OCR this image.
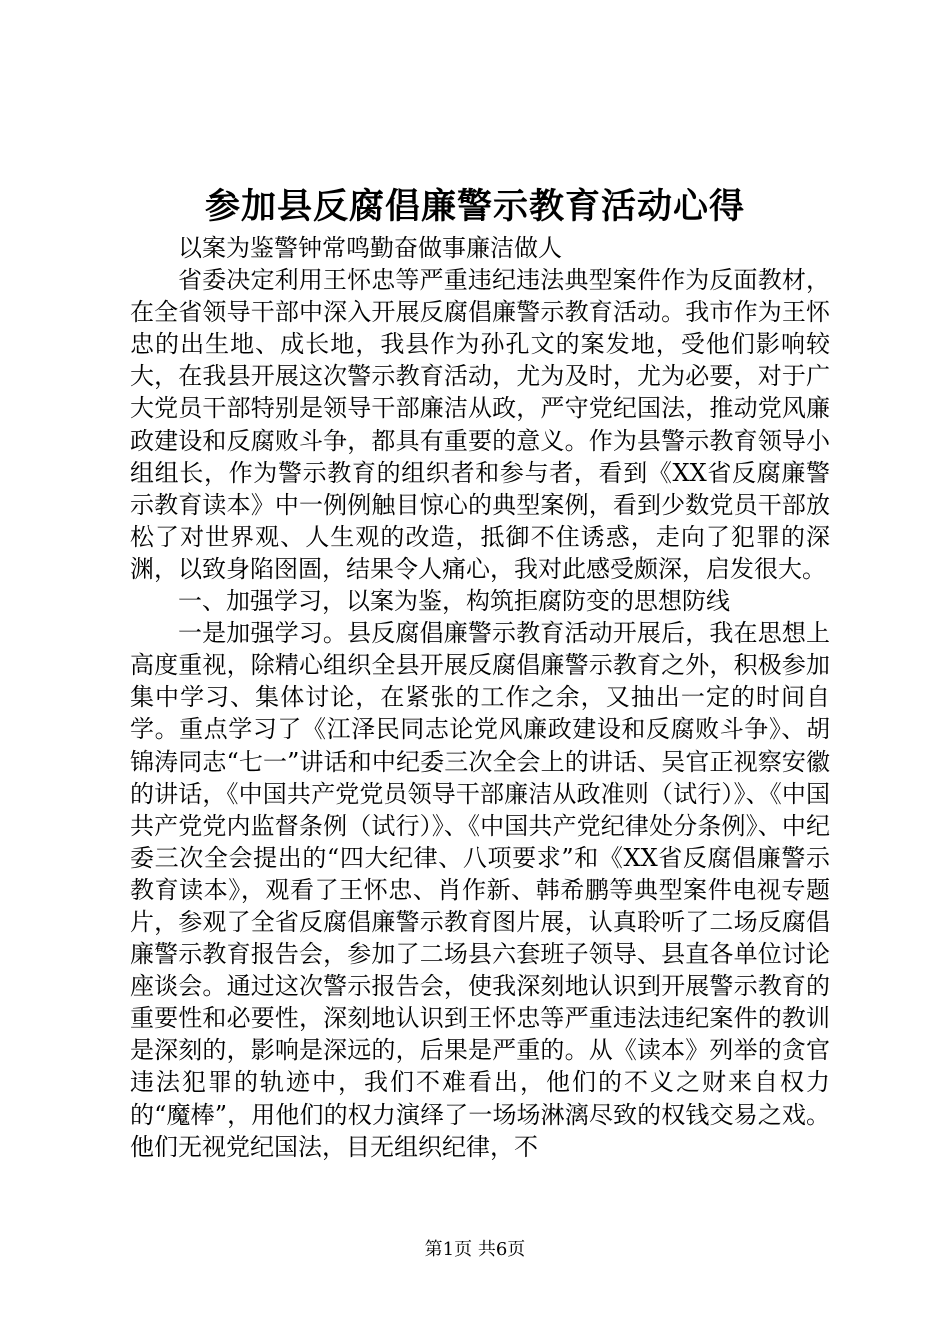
参加县反腐倡廉警示教育活动心得

以案为鉴警钟常鸣勤奋做事廉洁做人

省委决定利用王怀忠等严重违纪违法典型案件作为反面教材，在全省领导干部中深入开展反腐倡廉警示教育活动。我市作为王怀忠的出生地、成长地，我县作为孙孔文的案发地，受他们影响较大，在我县开展这次警示教育活动，尤为及时，尤为必要，对于广大党员干部特别是领导干部廉洁从政，严守党纪国法，推动党风廉政建设和反腐败斗争，都具有重要的意义。作为县警示教育领导小组组长，作为警示教育的组织者和参与者，看到《XX省反腐廉警示教育读本》中一例例触目惊心的典型案例，看到少数党员干部放松了对世界观、人生观的改造，抵御不住诱惑，走向了犯罪的深渊，以致身陷囹圄，结果令人痛心，我对此感受颇深，启发很大。

一、加强学习，以案为鉴，构筑拒腐防变的思想防线

一是加强学习。县反腐倡廉警示教育活动开展后，我在思想上高度重视，除精心组织全县开展反腐倡廉警示教育之外，积极参加集中学习、集体讨论，在紧张的工作之余，又抽出一定的时间自学。重点学习了《江泽民同志论党风廉政建设和反腐败斗争》、胡锦涛同志“七一”讲话和中纪委三次全会上的讲话、吴官正视察安徽的讲话，《中国共产党党员领导干部廉洁从政准则（试行）》、《中国共产党党内监督条例（试行）》、《中国共产党纪律处分条例》、中纪委三次全会提出的“四大纪律、八项要求”和《XX省反腐倡廉警示教育读本》，观看了王怀忠、肖作新、韩希鹏等典型案件电视专题片，参观了全省反腐倡廉警示教育图片展，认真聆听了二场反腐倡廉警示教育报告会，参加了二场县六套班子领导、县直各单位讨论座谈会。通过这次警示报告会，使我深刻地认识到开展警示教育的重要性和必要性，深刻地认识到王怀忠等严重违法违纪案件的教训是深刻的，影响是深远的，后果是严重的。从《读本》列举的贪官违法犯罪的轨迹中，我们不难看出，他们的不义之财来自权力的“魔棒”，用他们的权力演绎了一场场淋漓尽致的权钱交易之戏。他们无视党纪国法，目无组织纪律，不

第1页 共6页
